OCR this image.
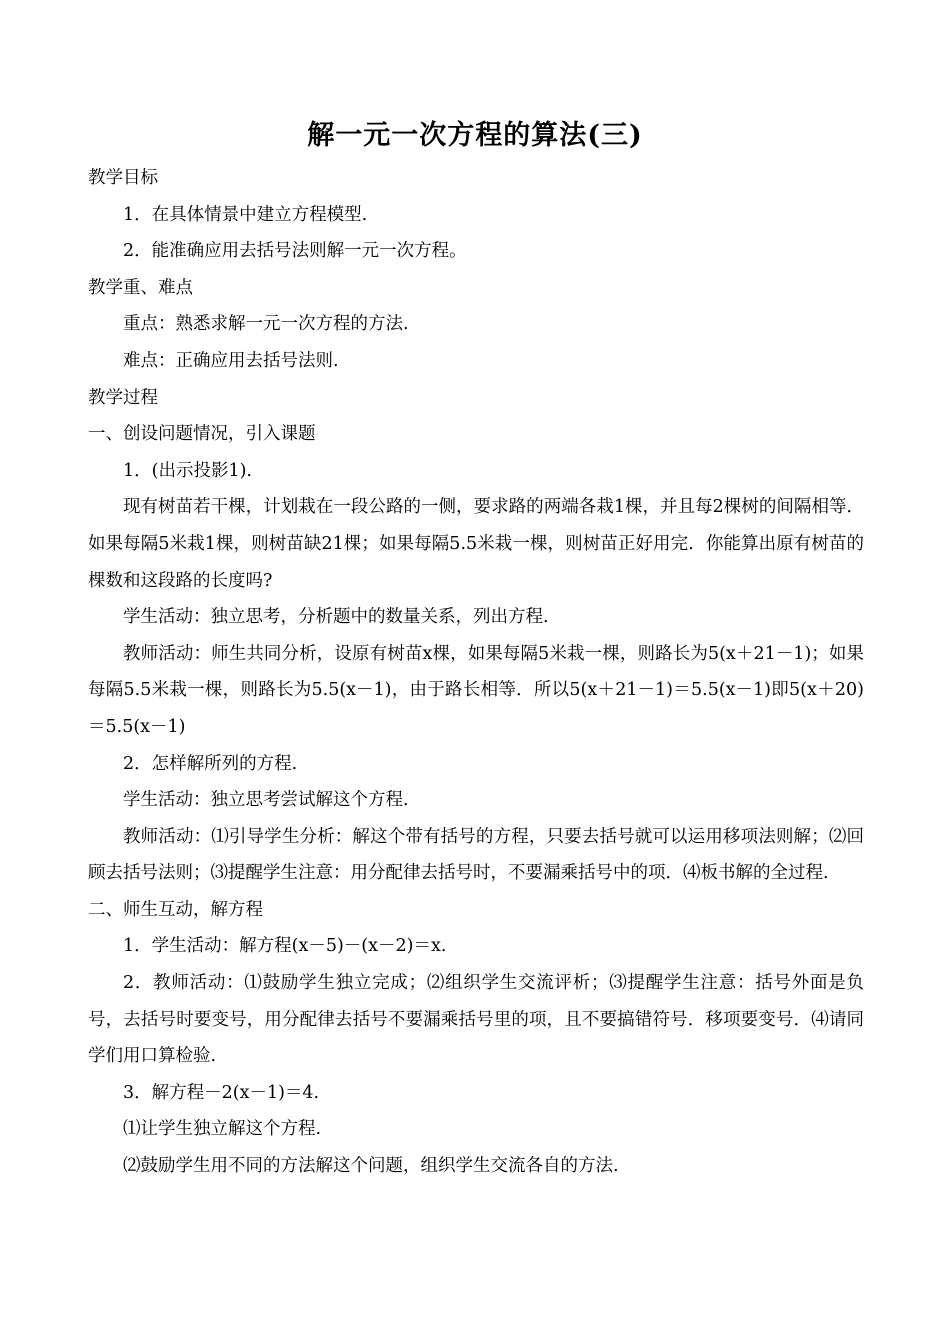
解一元一次方程的算法(三)

教学目标

1．在具体情景中建立方程模型.

2．能准确应用去括号法则解一元一次方程。

教学重、难点

重点：熟悉求解一元一次方程的方法.

难点：正确应用去括号法则.

教学过程

一、创设问题情况，引入课题

1．(出示投影1).

现有树苗若干棵，计划栽在一段公路的一侧，要求路的两端各栽1棵，并且每2棵树的间隔相等．如果每隔5米栽1棵，则树苗缺21棵；如果每隔5.5米栽一棵，则树苗正好用完．你能算出原有树苗的棵数和这段路的长度吗?

学生活动：独立思考，分析题中的数量关系，列出方程.

教师活动：师生共同分析，设原有树苗x棵，如果每隔5米栽一棵，则路长为5(x＋21－1)；如果每隔5.5米栽一棵，则路长为5.5(x－1)，由于路长相等．所以5(x＋21－1)＝5.5(x－1)即5(x＋20)＝5.5(x－1)

2．怎样解所列的方程.

学生活动：独立思考尝试解这个方程.

教师活动：⑴引导学生分析：解这个带有括号的方程，只要去括号就可以运用移项法则解；⑵回顾去括号法则；⑶提醒学生注意：用分配律去括号时，不要漏乘括号中的项．⑷板书解的全过程.

二、师生互动，解方程

1．学生活动：解方程(x－5)－(x－2)＝x.

2．教师活动：⑴鼓励学生独立完成；⑵组织学生交流评析；⑶提醒学生注意：括号外面是负号，去括号时要变号，用分配律去括号不要漏乘括号里的项，且不要搞错符号．移项要变号．⑷请同学们用口算检验.

3．解方程－2(x－1)＝4.

⑴让学生独立解这个方程.

⑵鼓励学生用不同的方法解这个问题，组织学生交流各自的方法.
